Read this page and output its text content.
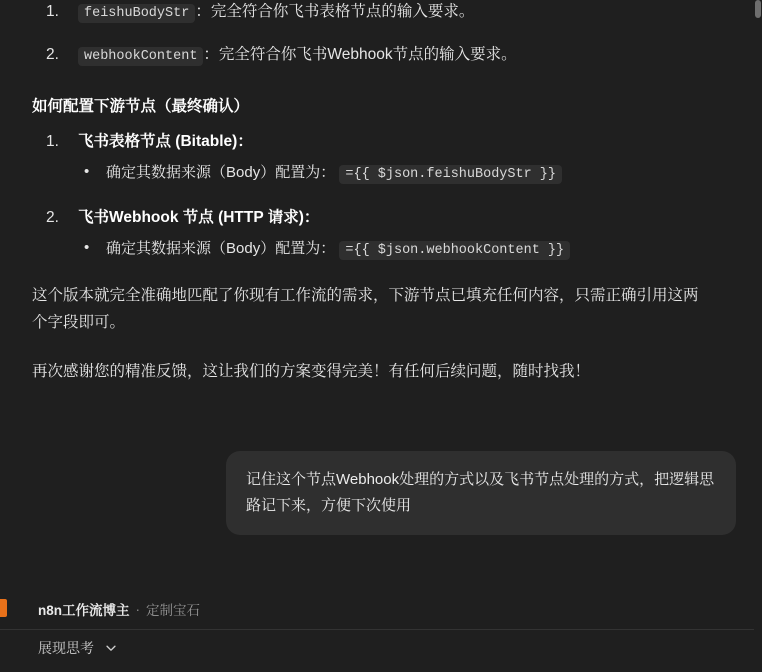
1. feishuBodyStr ：完全符合你飞书表格节点的输入要求。
2. webhookContent ：完全符合你飞书Webhook节点的输入要求。
如何配置下游节点（最终确认）
1. 飞书表格节点 (Bitable)：
• 确定其数据来源（Body）配置为： ={{ $json.feishuBodyStr }}
2. 飞书Webhook 节点 (HTTP 请求)：
• 确定其数据来源（Body）配置为： ={{ $json.webhookContent }}

这个版本就完全准确地匹配了你现有工作流的需求，下游节点已填充任何内容，只需正确引用这两个字段即可。

再次感谢您的精准反馈，这让我们的方案变得完美！有任何后续问题，随时找我！

记住这个节点Webhook处理的方式以及飞书节点处理的方式，把逻辑思路记下来，方便下次使用
n8n工作流博主 · 定制宝石
展现思考
